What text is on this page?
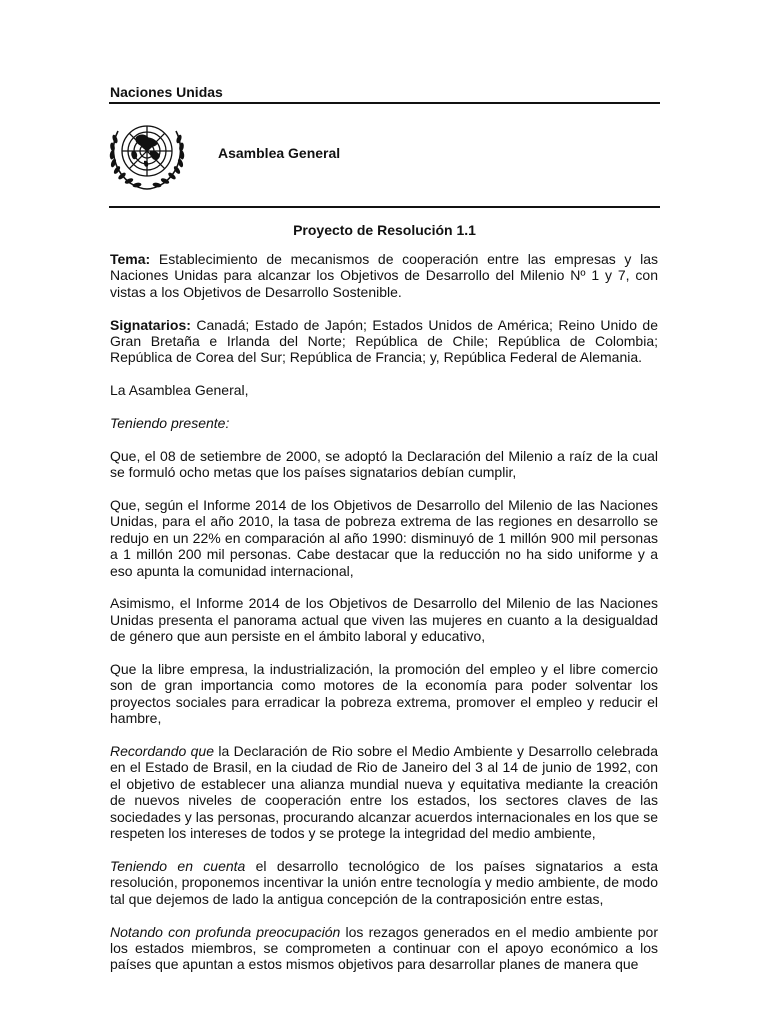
Naciones Unidas
Asamblea General
Proyecto de Resolución 1.1

Tema: Establecimiento de mecanismos de cooperación entre las empresas y las Naciones Unidas para alcanzar los Objetivos de Desarrollo del Milenio Nº 1 y 7, con vistas a los Objetivos de Desarrollo Sostenible.

Signatarios: Canadá; Estado de Japón; Estados Unidos de América; Reino Unido de Gran Bretaña e Irlanda del Norte; República de Chile; República de Colombia; República de Corea del Sur; República de Francia; y, República Federal de Alemania.

La Asamblea General,

Teniendo presente:

Que, el 08 de setiembre de 2000, se adoptó la Declaración del Milenio a raíz de la cual se formuló ocho metas que los países signatarios debían cumplir,

Que, según el Informe 2014 de los Objetivos de Desarrollo del Milenio de las Naciones Unidas, para el año 2010, la tasa de pobreza extrema de las regiones en desarrollo se redujo en un 22% en comparación al año 1990: disminuyó de 1 millón 900 mil personas a 1 millón 200 mil personas. Cabe destacar que la reducción no ha sido uniforme y a eso apunta la comunidad internacional,

Asimismo, el Informe 2014 de los Objetivos de Desarrollo del Milenio de las Naciones Unidas presenta el panorama actual que viven las mujeres en cuanto a la desigualdad de género que aun persiste en el ámbito laboral y educativo,

Que la libre empresa, la industrialización, la promoción del empleo y el libre comercio son de gran importancia como motores de la economía para poder solventar los proyectos sociales para erradicar la pobreza extrema, promover el empleo y reducir el hambre,

Recordando que la Declaración de Rio sobre el Medio Ambiente y Desarrollo celebrada en el Estado de Brasil, en la ciudad de Rio de Janeiro del 3 al 14 de junio de 1992, con el objetivo de establecer una alianza mundial nueva y equitativa mediante la creación de nuevos niveles de cooperación entre los estados, los sectores claves de las sociedades y las personas, procurando alcanzar acuerdos internacionales en los que se respeten los intereses de todos y se protege la integridad del medio ambiente,

Teniendo en cuenta el desarrollo tecnológico de los países signatarios a esta resolución, proponemos incentivar la unión entre tecnología y medio ambiente, de modo tal que dejemos de lado la antigua concepción de la contraposición entre estas,

Notando con profunda preocupación los rezagos generados en el medio ambiente por los estados miembros, se comprometen a continuar con el apoyo económico a los países que apuntan a estos mismos objetivos para desarrollar planes de manera que
